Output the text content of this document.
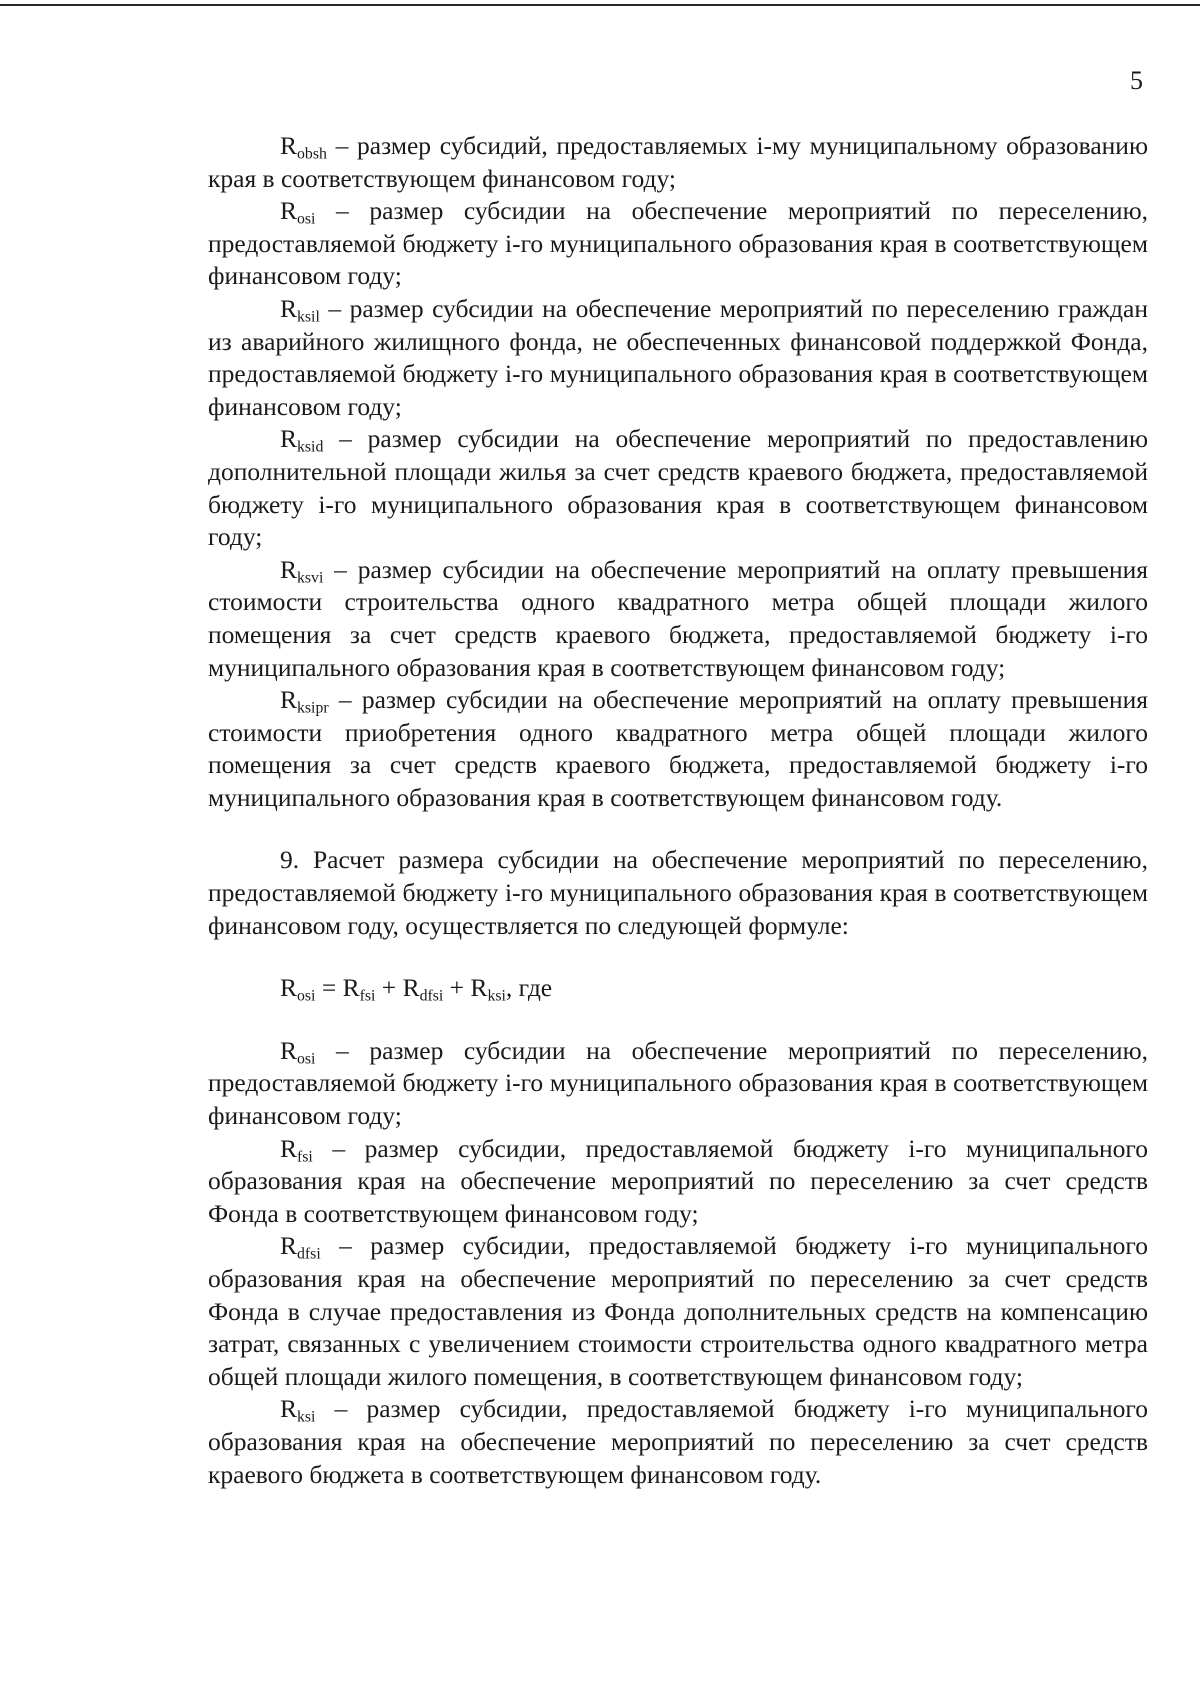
5

$R_{obsh}$ – размер субсидий, предоставляемых i-му муниципальному образованию края в соответствующем финансовом году;

$R_{osi}$ – размер субсидии на обеспечение мероприятий по переселению, предоставляемой бюджету i-го муниципального образования края в соответствующем финансовом году;

$R_{ksil}$ – размер субсидии на обеспечение мероприятий по переселению граждан из аварийного жилищного фонда, не обеспеченных финансовой поддержкой Фонда, предоставляемой бюджету i-го муниципального образования края в соответствующем финансовом году;

$R_{ksid}$ – размер субсидии на обеспечение мероприятий по предоставлению дополнительной площади жилья за счет средств краевого бюджета, предоставляемой бюджету i-го муниципального образования края в соответствующем финансовом году;

$R_{ksvi}$ – размер субсидии на обеспечение мероприятий на оплату превышения стоимости строительства одного квадратного метра общей площади жилого помещения за счет средств краевого бюджета, предоставляемой бюджету i-го муниципального образования края в соответствующем финансовом году;

$R_{ksipr}$ – размер субсидии на обеспечение мероприятий на оплату превышения стоимости приобретения одного квадратного метра общей площади жилого помещения за счет средств краевого бюджета, предоставляемой бюджету i-го муниципального образования края в соответствующем финансовом году.

9. Расчет размера субсидии на обеспечение мероприятий по переселению, предоставляемой бюджету i-го муниципального образования края в соответствующем финансовом году, осуществляется по следующей формуле:

$R_{osi} = R_{fsi} + R_{dfsi} + R_{ksi}$, где

$R_{osi}$ – размер субсидии на обеспечение мероприятий по переселению, предоставляемой бюджету i-го муниципального образования края в соответствующем финансовом году;

$R_{fsi}$ – размер субсидии, предоставляемой бюджету i-го муниципального образования края на обеспечение мероприятий по переселению за счет средств Фонда в соответствующем финансовом году;

$R_{dfsi}$ – размер субсидии, предоставляемой бюджету i-го муниципального образования края на обеспечение мероприятий по переселению за счет средств Фонда в случае предоставления из Фонда дополнительных средств на компенсацию затрат, связанных с увеличением стоимости строительства одного квадратного метра общей площади жилого помещения, в соответствующем финансовом году;

$R_{ksi}$ – размер субсидии, предоставляемой бюджету i-го муниципального образования края на обеспечение мероприятий по переселению за счет средств краевого бюджета в соответствующем финансовом году.
